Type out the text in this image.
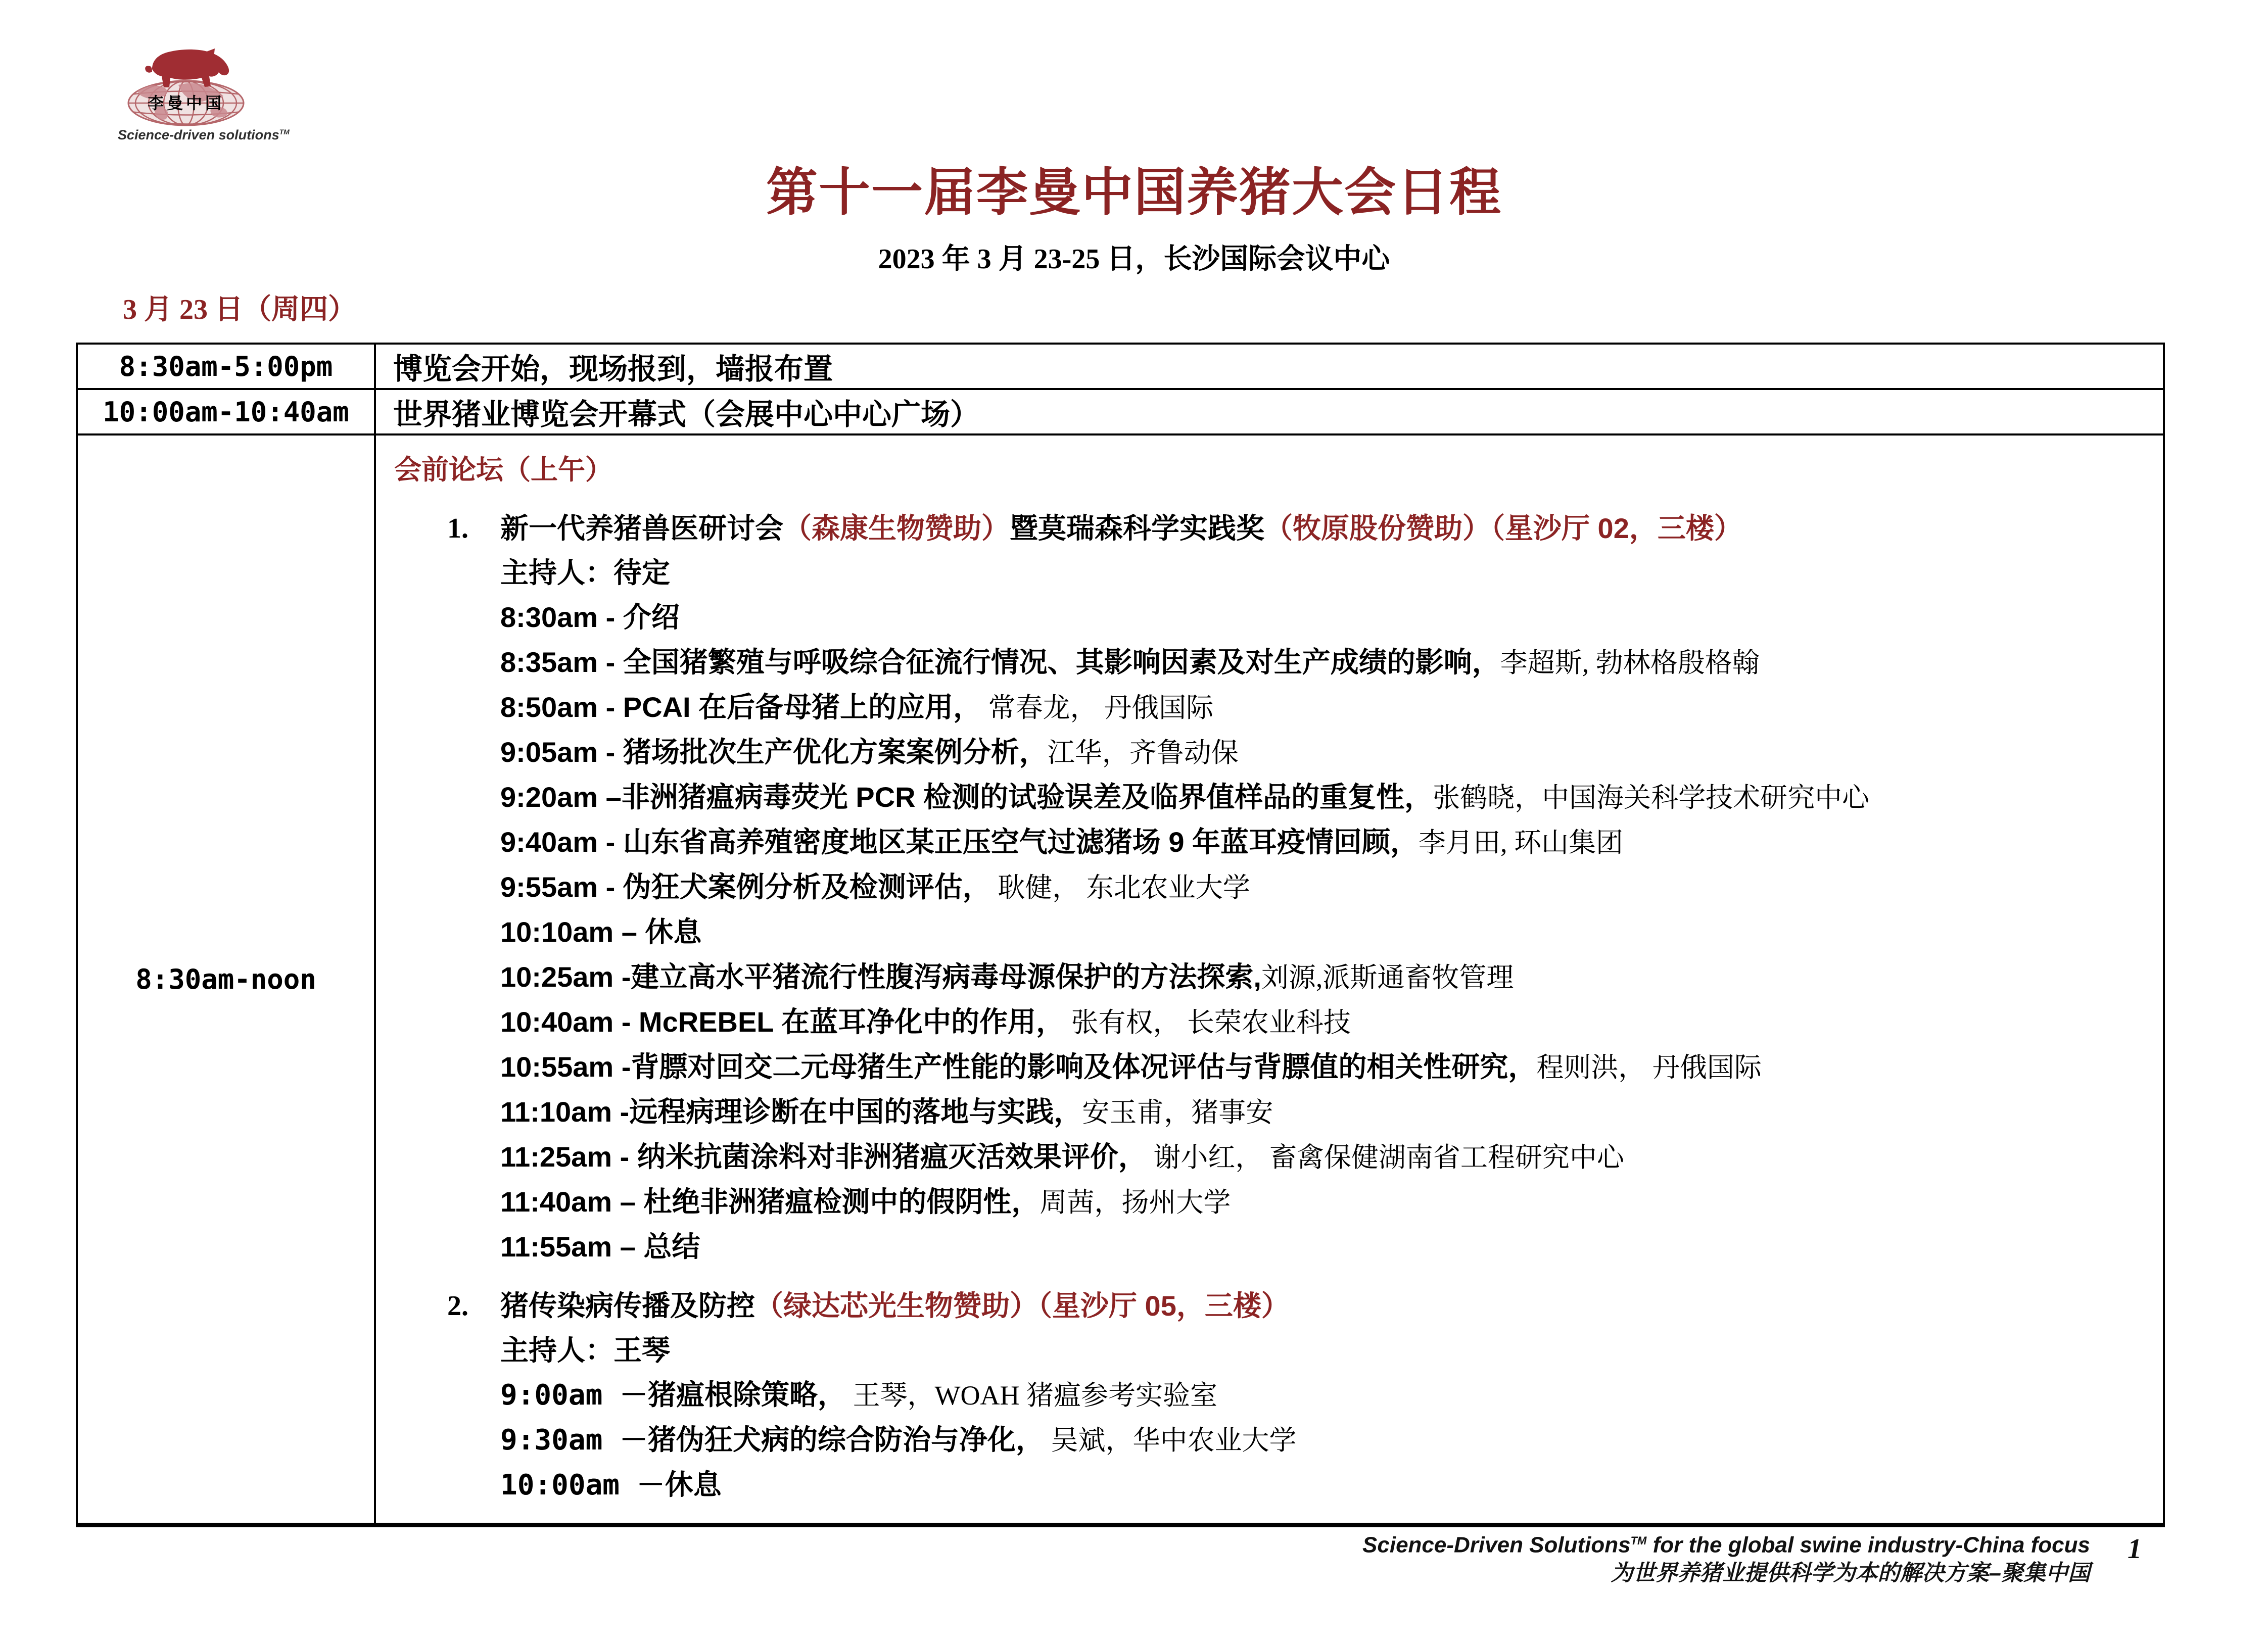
李曼中国
Science-driven solutions™
第十一届李曼中国养猪大会日程
2023 年 3 月 23-25 日，长沙国际会议中心
3 月 23 日（周四）
8:30am-5:00pm	博览会开始，现场报到，墙报布置
10:00am-10:40am	世界猪业博览会开幕式（会展中心中心广场）
8:30am-noon
会前论坛（上午）
1. 新一代养猪兽医研讨会（森康生物赞助）暨莫瑞森科学实践奖（牧原股份赞助）（星沙厅 02，三楼）
主持人：待定
8:30am - 介绍
8:35am - 全国猪繁殖与呼吸综合征流行情况、其影响因素及对生产成绩的影响，李超斯, 勃林格殷格翰
8:50am - PCAI 在后备母猪上的应用， 常春龙， 丹俄国际
9:05am - 猪场批次生产优化方案案例分析，江华，齐鲁动保
9:20am –非洲猪瘟病毒荧光 PCR 检测的试验误差及临界值样品的重复性，张鹤晓，中国海关科学技术研究中心
9:40am - 山东省高养殖密度地区某正压空气过滤猪场 9 年蓝耳疫情回顾，李月田, 环山集团
9:55am - 伪狂犬案例分析及检测评估， 耿健， 东北农业大学
10:10am – 休息
10:25am -建立高水平猪流行性腹泻病毒母源保护的方法探索,刘源,派斯通畜牧管理
10:40am - McREBEL 在蓝耳净化中的作用， 张有权， 长荣农业科技
10:55am -背膘对回交二元母猪生产性能的影响及体况评估与背膘值的相关性研究，程则洪， 丹俄国际
11:10am -远程病理诊断在中国的落地与实践，安玉甫，猪事安
11:25am - 纳米抗菌涂料对非洲猪瘟灭活效果评价， 谢小红， 畜禽保健湖南省工程研究中心
11:40am – 杜绝非洲猪瘟检测中的假阴性，周茜，扬州大学
11:55am – 总结
2. 猪传染病传播及防控（绿达芯光生物赞助）（星沙厅 05，三楼）
主持人：王琴
9:00am －猪瘟根除策略， 王琴，WOAH 猪瘟参考实验室
9:30am －猪伪狂犬病的综合防治与净化， 吴斌，华中农业大学
10:00am －休息
Science-Driven Solutions™ for the global swine industry-China focus
为世界养猪业提供科学为本的解决方案–聚集中国
1
